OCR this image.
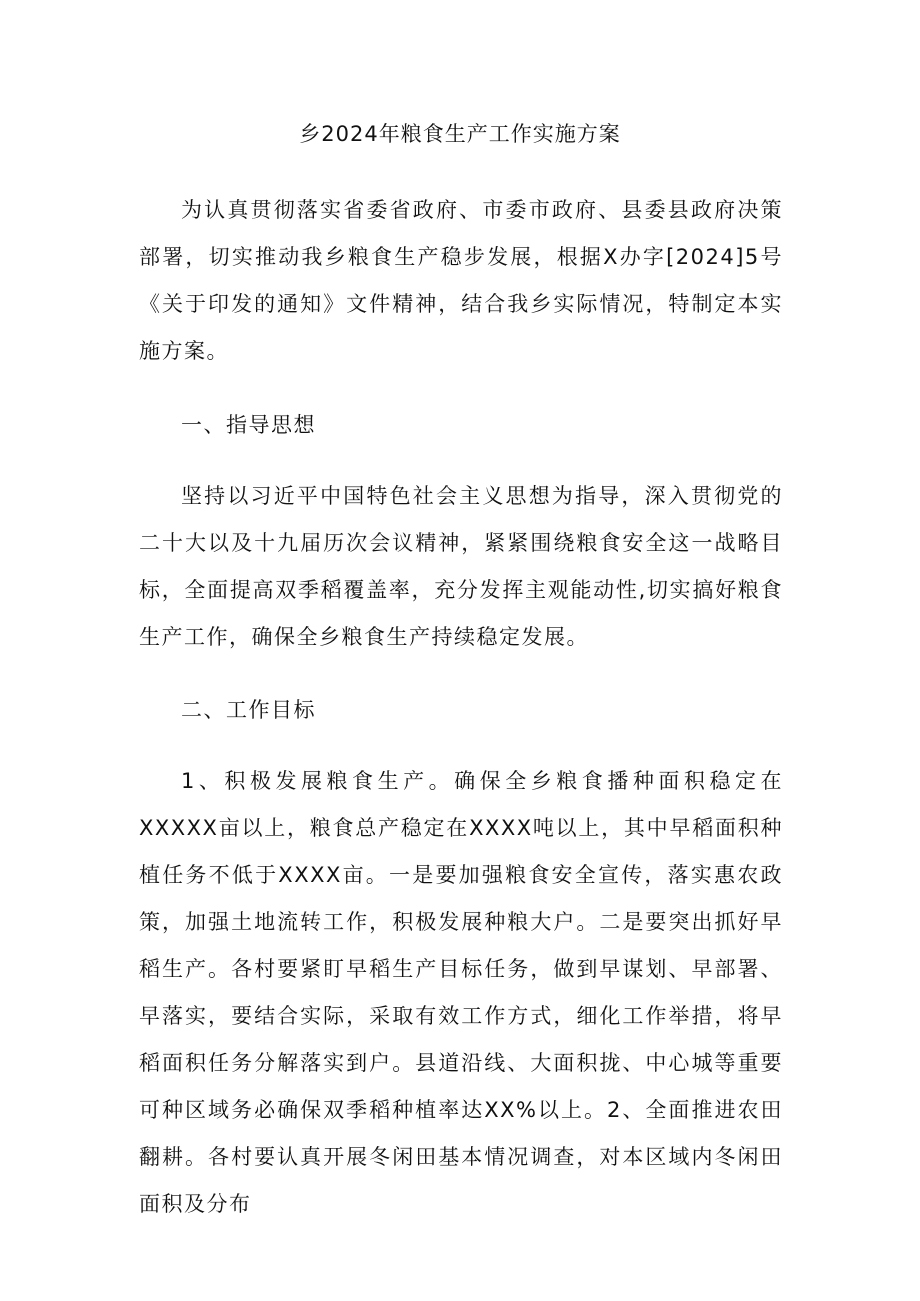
乡2024年粮食生产工作实施方案

为认真贯彻落实省委省政府、市委市政府、县委县政府决策部署，切实推动我乡粮食生产稳步发展，根据X办字[2024]5号《关于印发的通知》文件精神，结合我乡实际情况，特制定本实施方案。

一、指导思想

坚持以习近平中国特色社会主义思想为指导，深入贯彻党的二十大以及十九届历次会议精神，紧紧围绕粮食安全这一战略目标，全面提高双季稻覆盖率，充分发挥主观能动性,切实搞好粮食生产工作，确保全乡粮食生产持续稳定发展。

二、工作目标

1、积极发展粮食生产。确保全乡粮食播种面积稳定在XXXXX亩以上，粮食总产稳定在XXXX吨以上，其中早稻面积种植任务不低于XXXX亩。一是要加强粮食安全宣传，落实惠农政策，加强土地流转工作，积极发展种粮大户。二是要突出抓好早稻生产。各村要紧盯早稻生产目标任务，做到早谋划、早部署、早落实，要结合实际，采取有效工作方式，细化工作举措，将早稻面积任务分解落实到户。县道沿线、大面积拢、中心城等重要可种区域务必确保双季稻种植率达XX%以上。2、全面推进农田翻耕。各村要认真开展冬闲田基本情况调查，对本区域内冬闲田面积及分布
